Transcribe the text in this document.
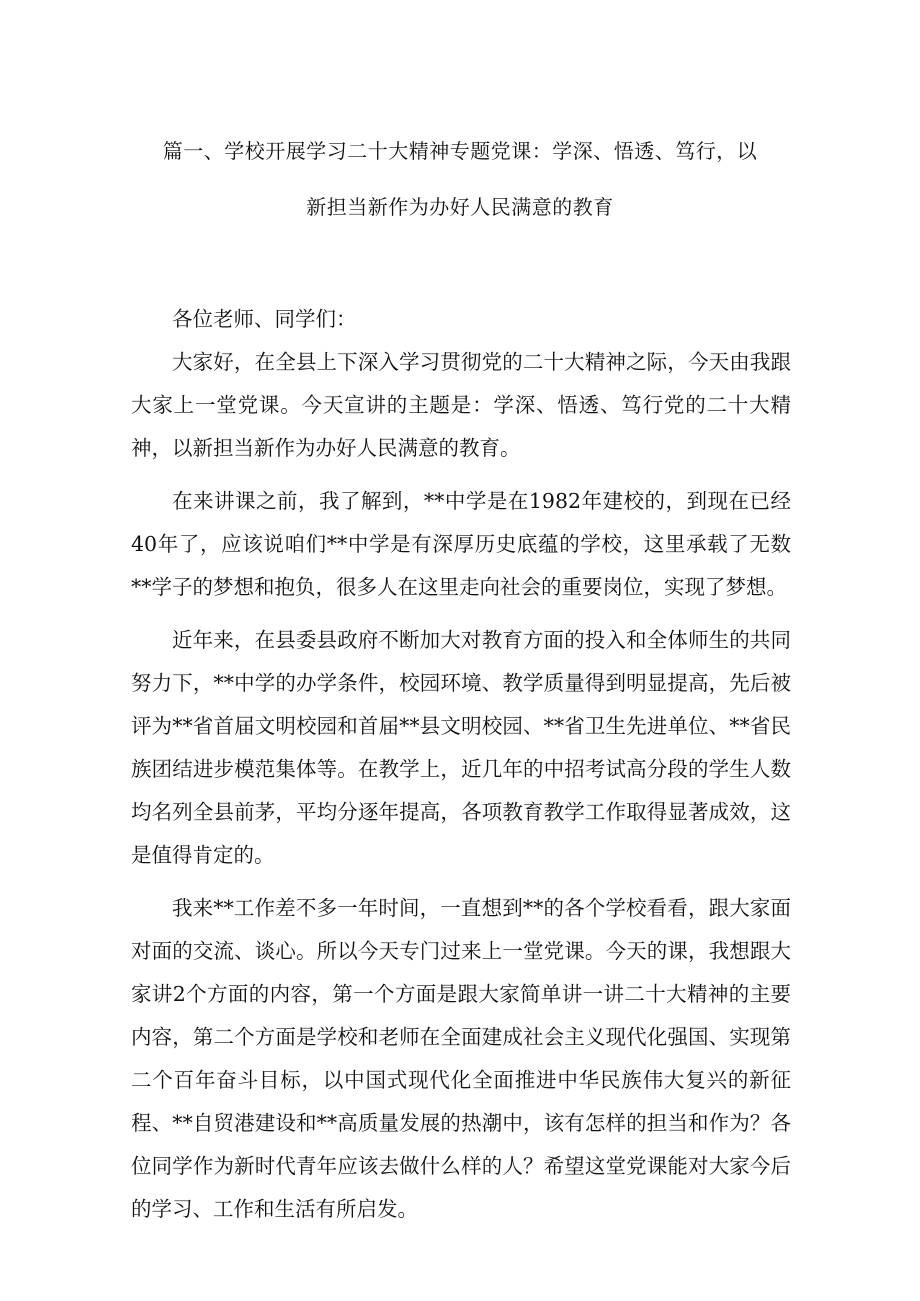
篇一、学校开展学习二十大精神专题党课：学深、悟透、笃行，以
新担当新作为办好人民满意的教育

各位老师、同学们：

大家好，在全县上下深入学习贯彻党的二十大精神之际，今天由我跟大家上一堂党课。今天宣讲的主题是：学深、悟透、笃行党的二十大精神，以新担当新作为办好人民满意的教育。

在来讲课之前，我了解到，**中学是在1982年建校的，到现在已经40年了，应该说咱们**中学是有深厚历史底蕴的学校，这里承载了无数**学子的梦想和抱负，很多人在这里走向社会的重要岗位，实现了梦想。

近年来，在县委县政府不断加大对教育方面的投入和全体师生的共同努力下，**中学的办学条件，校园环境、教学质量得到明显提高，先后被评为**省首届文明校园和首届**县文明校园、**省卫生先进单位、**省民族团结进步模范集体等。在教学上，近几年的中招考试高分段的学生人数均名列全县前茅，平均分逐年提高，各项教育教学工作取得显著成效，这是值得肯定的。

我来**工作差不多一年时间，一直想到**的各个学校看看，跟大家面对面的交流、谈心。所以今天专门过来上一堂党课。今天的课，我想跟大家讲2个方面的内容，第一个方面是跟大家简单讲一讲二十大精神的主要内容，第二个方面是学校和老师在全面建成社会主义现代化强国、实现第二个百年奋斗目标，以中国式现代化全面推进中华民族伟大复兴的新征程、**自贸港建设和**高质量发展的热潮中，该有怎样的担当和作为？各位同学作为新时代青年应该去做什么样的人？希望这堂党课能对大家今后的学习、工作和生活有所启发。
